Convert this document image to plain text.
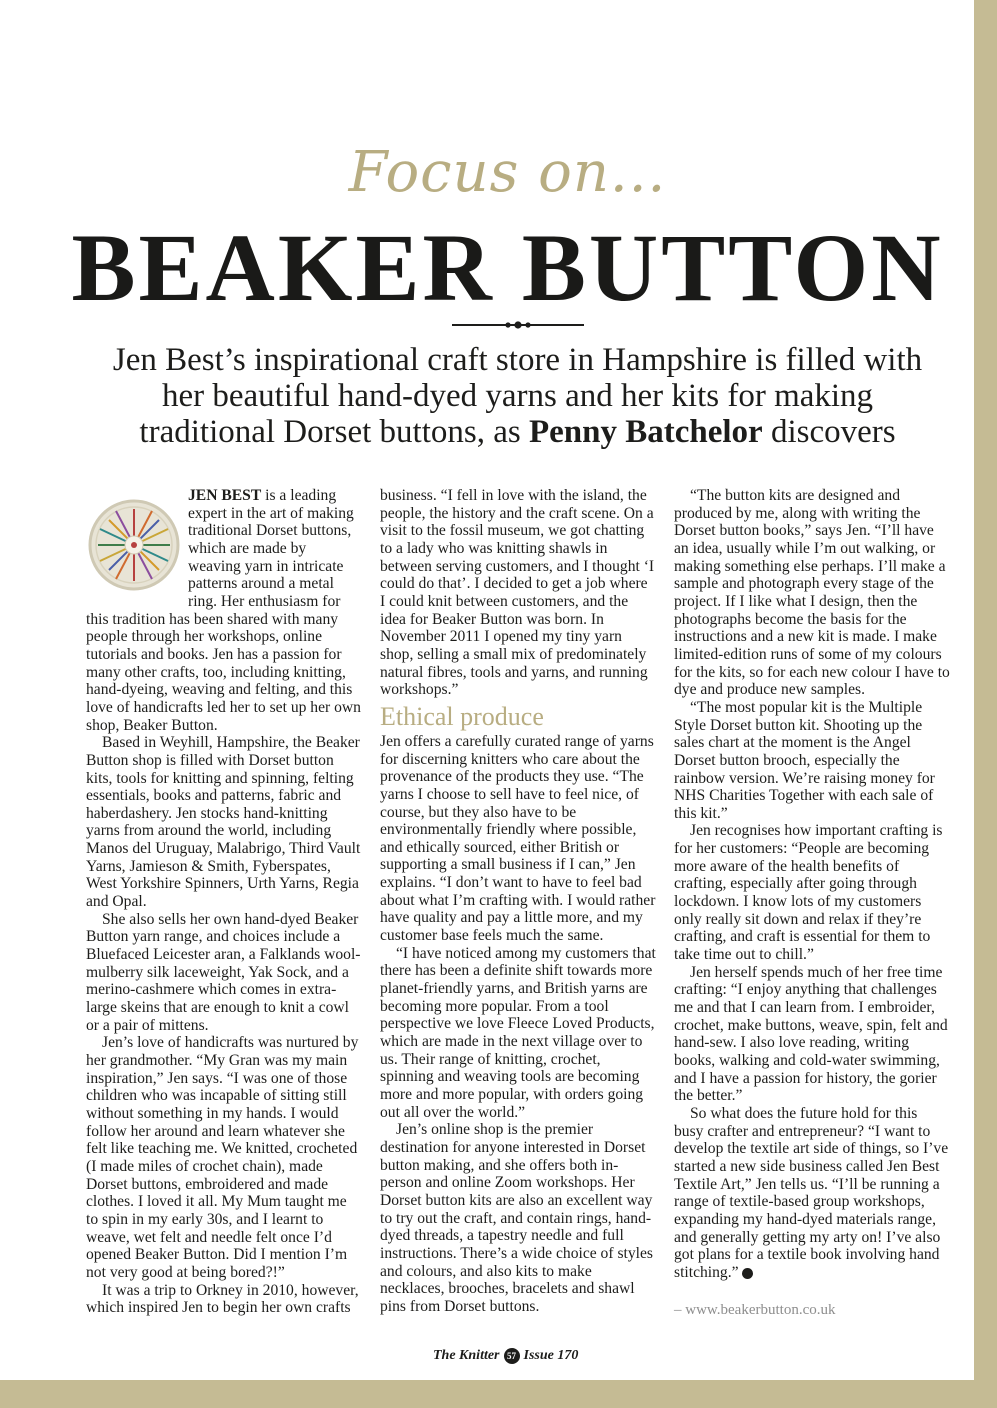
Focus on...
BEAKER BUTTON
Jen Best’s inspirational craft store in Hampshire is filled with her beautiful hand-dyed yarns and her kits for making traditional Dorset buttons, as Penny Batchelor discovers

JEN BEST is a leading expert in the art of making traditional Dorset buttons, which are made by weaving yarn in intricate patterns around a metal ring. Her enthusiasm for this tradition has been shared with many people through her workshops, online tutorials and books. Jen has a passion for many other crafts, too, including knitting, hand-dyeing, weaving and felting, and this love of handicrafts led her to set up her own shop, Beaker Button.

Based in Weyhill, Hampshire, the Beaker Button shop is filled with Dorset button kits, tools for knitting and spinning, felting essentials, books and patterns, fabric and haberdashery. Jen stocks hand-knitting yarns from around the world, including Manos del Uruguay, Malabrigo, Third Vault Yarns, Jamieson & Smith, Fyberspates, West Yorkshire Spinners, Urth Yarns, Regia and Opal.

She also sells her own hand-dyed Beaker Button yarn range, and choices include a Bluefaced Leicester aran, a Falklands wool-mulberry silk laceweight, Yak Sock, and a merino-cashmere which comes in extra-large skeins that are enough to knit a cowl or a pair of mittens.

Jen’s love of handicrafts was nurtured by her grandmother. “My Gran was my main inspiration,” Jen says. “I was one of those children who was incapable of sitting still without something in my hands. I would follow her around and learn whatever she felt like teaching me. We knitted, crocheted (I made miles of crochet chain), made Dorset buttons, embroidered and made clothes. I loved it all. My Mum taught me to spin in my early 30s, and I learnt to weave, wet felt and needle felt once I’d opened Beaker Button. Did I mention I’m not very good at being bored?!”

It was a trip to Orkney in 2010, however, which inspired Jen to begin her own crafts

business. “I fell in love with the island, the people, the history and the craft scene. On a visit to the fossil museum, we got chatting to a lady who was knitting shawls in between serving customers, and I thought ‘I could do that’. I decided to get a job where I could knit between customers, and the idea for Beaker Button was born. In November 2011 I opened my tiny yarn shop, selling a small mix of predominately natural fibres, tools and yarns, and running workshops.”

Ethical produce

Jen offers a carefully curated range of yarns for discerning knitters who care about the provenance of the products they use. “The yarns I choose to sell have to feel nice, of course, but they also have to be environmentally friendly where possible, and ethically sourced, either British or supporting a small business if I can,” Jen explains. “I don’t want to have to feel bad about what I’m crafting with. I would rather have quality and pay a little more, and my customer base feels much the same.

“I have noticed among my customers that there has been a definite shift towards more planet-friendly yarns, and British yarns are becoming more popular. From a tool perspective we love Fleece Loved Products, which are made in the next village over to us. Their range of knitting, crochet, spinning and weaving tools are becoming more and more popular, with orders going out all over the world.”

Jen’s online shop is the premier destination for anyone interested in Dorset button making, and she offers both in-person and online Zoom workshops. Her Dorset button kits are also an excellent way to try out the craft, and contain rings, hand-dyed threads, a tapestry needle and full instructions. There’s a wide choice of styles and colours, and also kits to make necklaces, brooches, bracelets and shawl pins from Dorset buttons.

“The button kits are designed and produced by me, along with writing the Dorset button books,” says Jen. “I’ll have an idea, usually while I’m out walking, or making something else perhaps. I’ll make a sample and photograph every stage of the project. If I like what I design, then the photographs become the basis for the instructions and a new kit is made. I make limited-edition runs of some of my colours for the kits, so for each new colour I have to dye and produce new samples.

“The most popular kit is the Multiple Style Dorset button kit. Shooting up the sales chart at the moment is the Angel Dorset button brooch, especially the rainbow version. We’re raising money for NHS Charities Together with each sale of this kit.”

Jen recognises how important crafting is for her customers: “People are becoming more aware of the health benefits of crafting, especially after going through lockdown. I know lots of my customers only really sit down and relax if they’re crafting, and craft is essential for them to take time out to chill.”

Jen herself spends much of her free time crafting: “I enjoy anything that challenges me and that I can learn from. I embroider, crochet, make buttons, weave, spin, felt and hand-sew. I also love reading, writing books, walking and cold-water swimming, and I have a passion for history, the gorier the better.”

So what does the future hold for this busy crafter and entrepreneur? “I want to develop the textile art side of things, so I’ve started a new side business called Jen Best Textile Art,” Jen tells us. “I’ll be running a range of textile-based group workshops, expanding my hand-dyed materials range, and generally getting my arty on! I’ve also got plans for a textile book involving hand stitching.” ✚

– www.beakerbutton.co.uk
The Knitter 57 Issue 170
